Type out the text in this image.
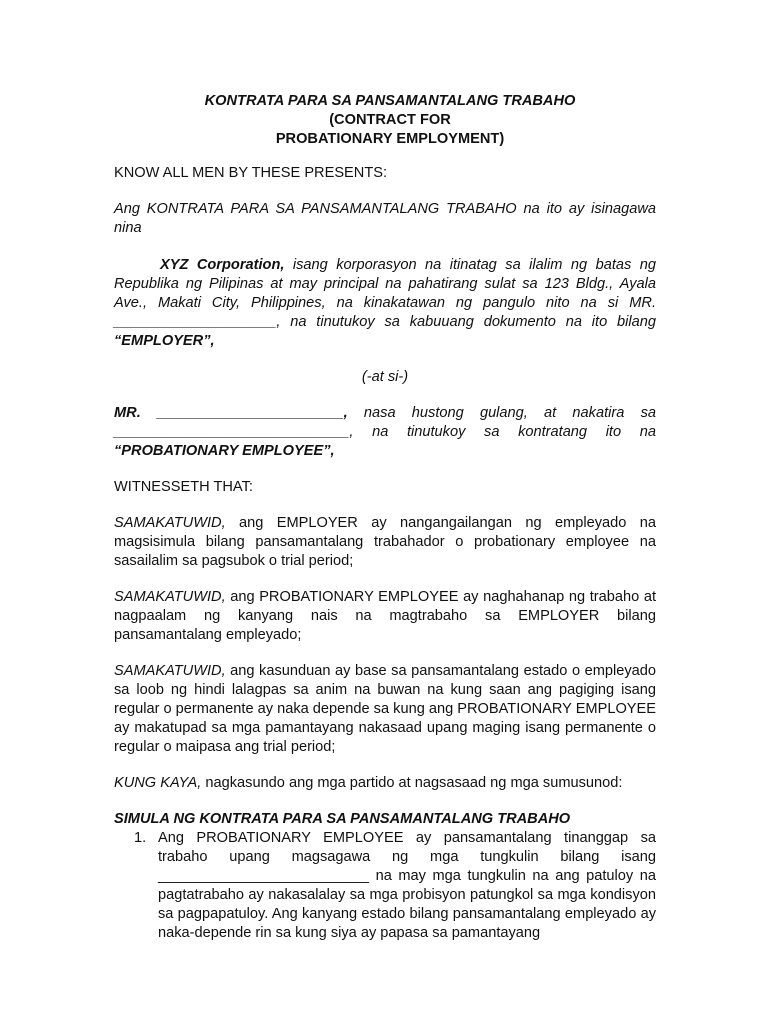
KONTRATA PARA SA PANSAMANTALANG TRABAHO
(CONTRACT FOR
PROBATIONARY EMPLOYMENT)

KNOW ALL MEN BY THESE PRESENTS:

Ang KONTRATA PARA SA PANSAMANTALANG TRABAHO na ito ay isinagawa nina

XYZ Corporation, isang korporasyon na itinatag sa ilalim ng batas ng Republika ng Pilipinas at may principal na pahatirang sulat sa 123 Bldg., Ayala Ave., Makati City, Philippines, na kinakatawan ng pangulo nito na si MR. ____________________, na tinutukoy sa kabuuang dokumento na ito bilang “EMPLOYER”,

(-at si-)

MR. _______________________, nasa hustong gulang, at nakatira sa _____________________________, na tinutukoy sa kontratang ito na “PROBATIONARY EMPLOYEE”,

WITNESSETH THAT:

SAMAKATUWID, ang EMPLOYER ay nangangailangan ng empleyado na magsisimula bilang pansamantalang trabahador o probationary employee na sasailalim sa pagsubok o trial period;

SAMAKATUWID, ang PROBATIONARY EMPLOYEE ay naghahanap ng trabaho at nagpaalam ng kanyang nais na magtrabaho sa EMPLOYER bilang pansamantalang empleyado;

SAMAKATUWID, ang kasunduan ay base sa pansamantalang estado o empleyado sa loob ng hindi lalagpas sa anim na buwan na kung saan ang pagiging isang regular o permanente ay naka depende sa kung ang PROBATIONARY EMPLOYEE ay makatupad sa mga pamantayang nakasaad upang maging isang permanente o regular o maipasa ang trial period;

KUNG KAYA, nagkasundo ang mga partido at nagsasaad ng mga sumusunod:

SIMULA NG KONTRATA PARA SA PANSAMANTALANG TRABAHO

1. Ang PROBATIONARY EMPLOYEE ay pansamantalang tinanggap sa trabaho upang magsagawa ng mga tungkulin bilang isang __________________________ na may mga tungkulin na ang patuloy na pagtatrabaho ay nakasalalay sa mga probisyon patungkol sa mga kondisyon sa pagpapatuloy. Ang kanyang estado bilang pansamantalang empleyado ay naka-depende rin sa kung siya ay papasa sa pamantayang
